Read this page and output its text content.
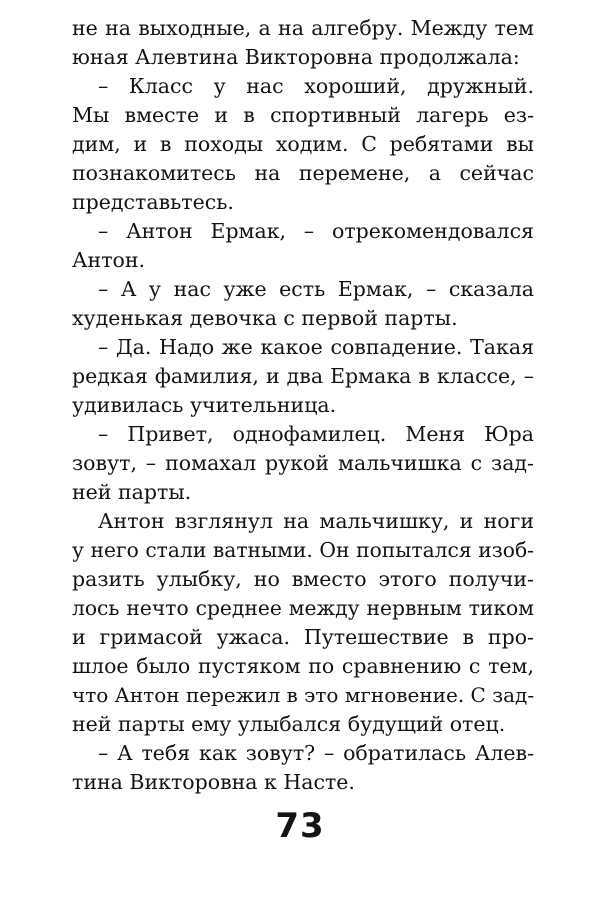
не на выходные, а на алгебру. Между тем
юная Алевтина Викторовна продолжала:
– Класс у нас хороший, дружный.
Мы вместе и в спортивный лагерь ез-
дим, и в походы ходим. С ребятами вы
познакомитесь на перемене, а сейчас
представьтесь.
– Антон Ермак, – отрекомендовался
Антон.
– А у нас уже есть Ермак, – сказала
худенькая девочка с первой парты.
– Да. Надо же какое совпадение. Такая
редкая фамилия, и два Ермака в классе, –
удивилась учительница.
– Привет, однофамилец. Меня Юра
зовут, – помахал рукой мальчишка с зад-
ней парты.
Антон взглянул на мальчишку, и ноги
у него стали ватными. Он попытался изоб-
разить улыбку, но вместо этого получи-
лось нечто среднее между нервным тиком
и гримасой ужаса. Путешествие в про-
шлое было пустяком по сравнению с тем,
что Антон пережил в это мгновение. С зад-
ней парты ему улыбался будущий отец.
– А тебя как зовут? – обратилась Алев-
тина Викторовна к Насте.
73
